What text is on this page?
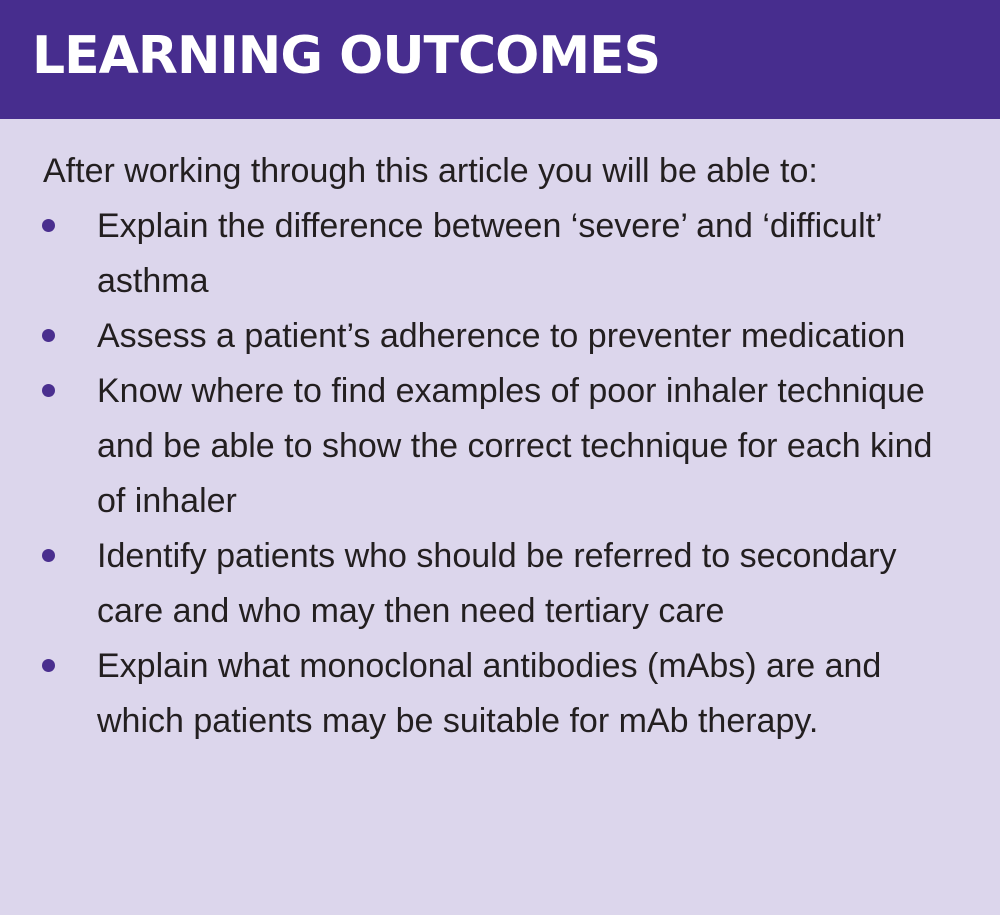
LEARNING OUTCOMES

After working through this article you will be able to:

Explain the difference between ‘severe’ and ‘difficult’ asthma
Assess a patient’s adherence to preventer medication
Know where to find examples of poor inhaler technique and be able to show the correct technique for each kind of inhaler
Identify patients who should be referred to secondary care and who may then need tertiary care
Explain what monoclonal antibodies (mAbs) are and which patients may be suitable for mAb therapy.
